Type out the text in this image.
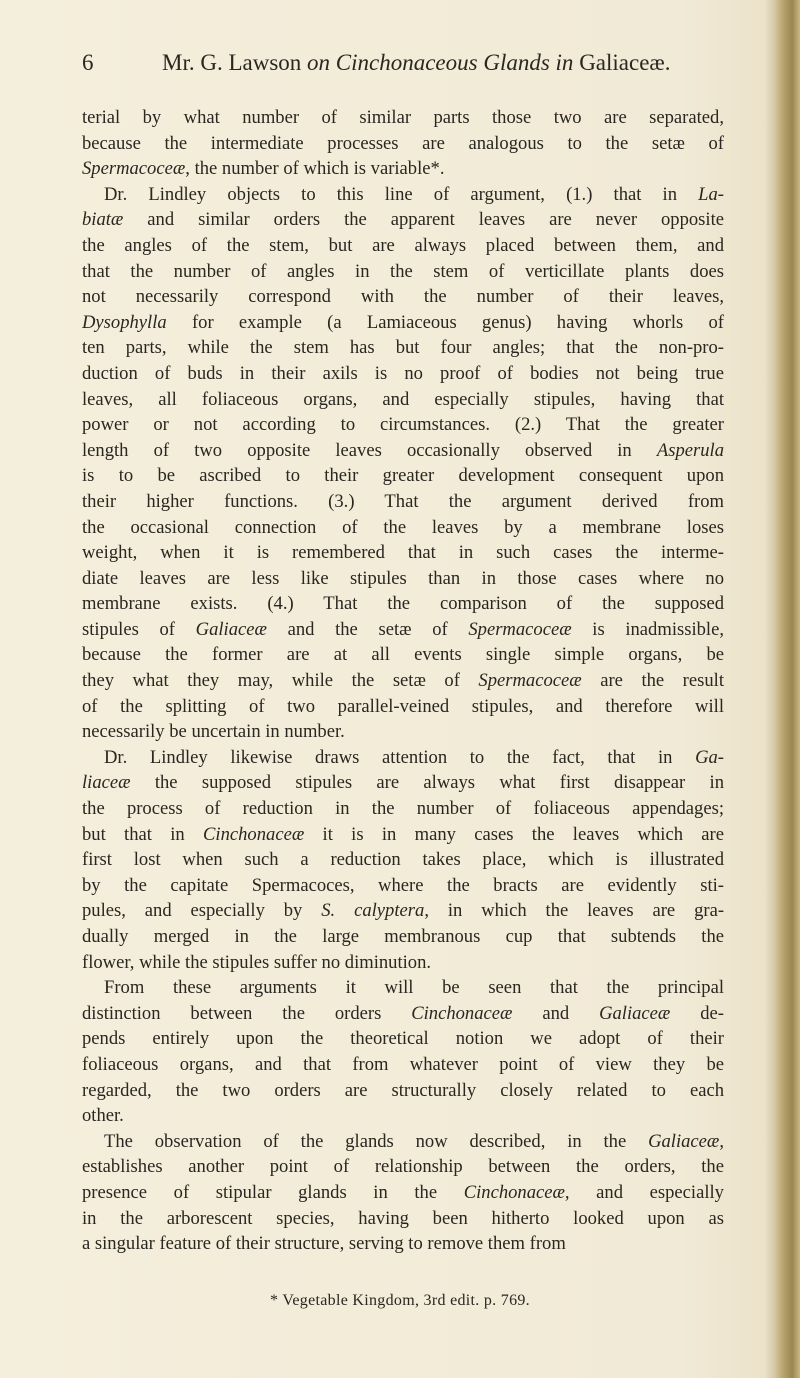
6	Mr. G. Lawson on Cinchonaceous Glands in Galiaceæ.
terial by what number of similar parts those two are separated,
because the intermediate processes are analogous to the setæ of
Spermacoceæ, the number of which is variable*.
Dr. Lindley objects to this line of argument, (1.) that in La-
biatæ and similar orders the apparent leaves are never opposite
the angles of the stem, but are always placed between them, and
that the number of angles in the stem of verticillate plants does
not necessarily correspond with the number of their leaves,
Dysophylla for example (a Lamiaceous genus) having whorls of
ten parts, while the stem has but four angles; that the non-pro-
duction of buds in their axils is no proof of bodies not being true
leaves, all foliaceous organs, and especially stipules, having that
power or not according to circumstances. (2.) That the greater
length of two opposite leaves occasionally observed in Asperula
is to be ascribed to their greater development consequent upon
their higher functions. (3.) That the argument derived from
the occasional connection of the leaves by a membrane loses
weight, when it is remembered that in such cases the interme-
diate leaves are less like stipules than in those cases where no
membrane exists. (4.) That the comparison of the supposed
stipules of Galiaceæ and the setæ of Spermacoceæ is inadmissible,
because the former are at all events single simple organs, be
they what they may, while the setæ of Spermacoceæ are the result
of the splitting of two parallel-veined stipules, and therefore will
necessarily be uncertain in number.
Dr. Lindley likewise draws attention to the fact, that in Ga-
liaceæ the supposed stipules are always what first disappear in
the process of reduction in the number of foliaceous appendages;
but that in Cinchonaceæ it is in many cases the leaves which are
first lost when such a reduction takes place, which is illustrated
by the capitate Spermacoces, where the bracts are evidently sti-
pules, and especially by S. calyptera, in which the leaves are gra-
dually merged in the large membranous cup that subtends the
flower, while the stipules suffer no diminution.
From these arguments it will be seen that the principal
distinction between the orders Cinchonaceæ and Galiaceæ de-
pends entirely upon the theoretical notion we adopt of their
foliaceous organs, and that from whatever point of view they be
regarded, the two orders are structurally closely related to each
other.
The observation of the glands now described, in the Galiaceæ,
establishes another point of relationship between the orders, the
presence of stipular glands in the Cinchonaceæ, and especially
in the arborescent species, having been hitherto looked upon as
a singular feature of their structure, serving to remove them from
* Vegetable Kingdom, 3rd edit. p. 769.
